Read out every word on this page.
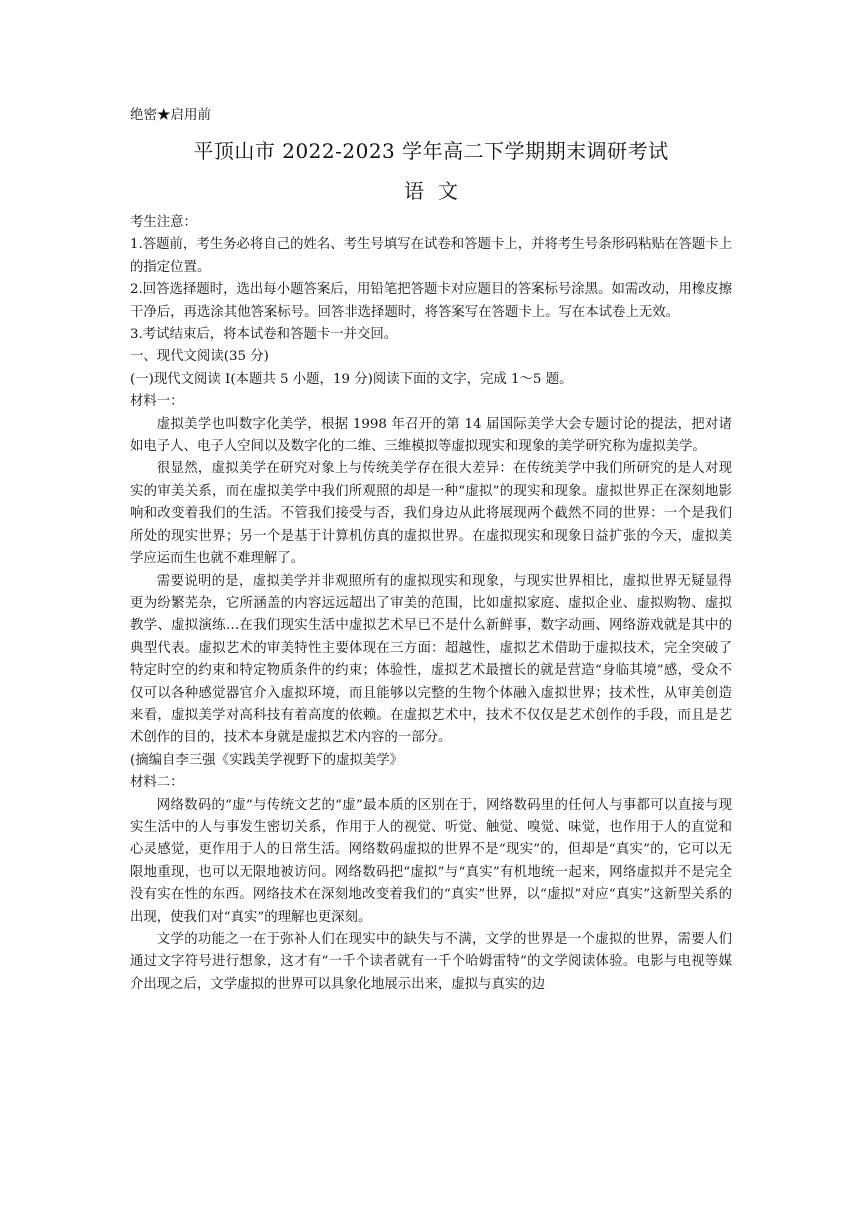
绝密★启用前
平顶山市 2022-2023 学年高二下学期期末调研考试
语文
考生注意：

1.答题前，考生务必将自己的姓名、考生号填写在试卷和答题卡上，并将考生号条形码粘贴在答题卡上的指定位置。

2.回答选择题时，选出每小题答案后，用铅笔把答题卡对应题目的答案标号涂黑。如需改动，用橡皮擦干净后，再选涂其他答案标号。回答非选择题时，将答案写在答题卡上。写在本试卷上无效。

3.考试结束后，将本试卷和答题卡一并交回。

一、现代文阅读(35 分)
(一)现代文阅读 I(本题共 5 小题，19 分)阅读下面的文字，完成 1～5 题。
材料一：

虚拟美学也叫数字化美学，根据 1998 年召开的第 14 届国际美学大会专题讨论的提法，把对诸如电子人、电子人空间以及数字化的二维、三维模拟等虚拟现实和现象的美学研究称为虚拟美学。

很显然，虚拟美学在研究对象上与传统美学存在很大差异：在传统美学中我们所研究的是人对现实的审美关系，而在虚拟美学中我们所观照的却是一种“虚拟”的现实和现象。虚拟世界正在深刻地影响和改变着我们的生活。不管我们接受与否，我们身边从此将展现两个截然不同的世界：一个是我们所处的现实世界；另一个是基于计算机仿真的虚拟世界。在虚拟现实和现象日益扩张的今天，虚拟美学应运而生也就不难理解了。

需要说明的是，虚拟美学并非观照所有的虚拟现实和现象，与现实世界相比，虚拟世界无疑显得更为纷繁芜杂，它所涵盖的内容远远超出了审美的范围，比如虚拟家庭、虚拟企业、虚拟购物、虚拟教学、虚拟演练…在我们现实生活中虚拟艺术早已不是什么新鲜事，数字动画、网络游戏就是其中的典型代表。虚拟艺术的审美特性主要体现在三方面：超越性，虚拟艺术借助于虚拟技术，完全突破了特定时空的约束和特定物质条件的约束；体验性，虚拟艺术最擅长的就是营造“身临其境”感，受众不仅可以各种感觉器官介入虚拟环境，而且能够以完整的生物个体融入虚拟世界；技术性，从审美创造来看，虚拟美学对高科技有着高度的依赖。在虚拟艺术中，技术不仅仅是艺术创作的手段，而且是艺术创作的目的，技术本身就是虚拟艺术内容的一部分。

(摘编自李三强《实践美学视野下的虚拟美学》
材料二：

网络数码的“虚”与传统文艺的“虚”最本质的区别在于，网络数码里的任何人与事都可以直接与现实生活中的人与事发生密切关系，作用于人的视觉、听觉、触觉、嗅觉、味觉，也作用于人的直觉和心灵感觉，更作用于人的日常生活。网络数码虚拟的世界不是“现实”的，但却是“真实”的，它可以无限地重现，也可以无限地被访问。网络数码把“虚拟”与“真实”有机地统一起来，网络虚拟并不是完全没有实在性的东西。网络技术在深刻地改变着我们的“真实”世界，以“虚拟”对应“真实”这新型关系的出现，使我们对“真实”的理解也更深刻。

文学的功能之一在于弥补人们在现实中的缺失与不满，文学的世界是一个虚拟的世界，需要人们通过文字符号进行想象，这才有“一千个读者就有一千个哈姆雷特”的文学阅读体验。电影与电视等媒介出现之后，文学虚拟的世界可以具象化地展示出来，虚拟与真实的边
